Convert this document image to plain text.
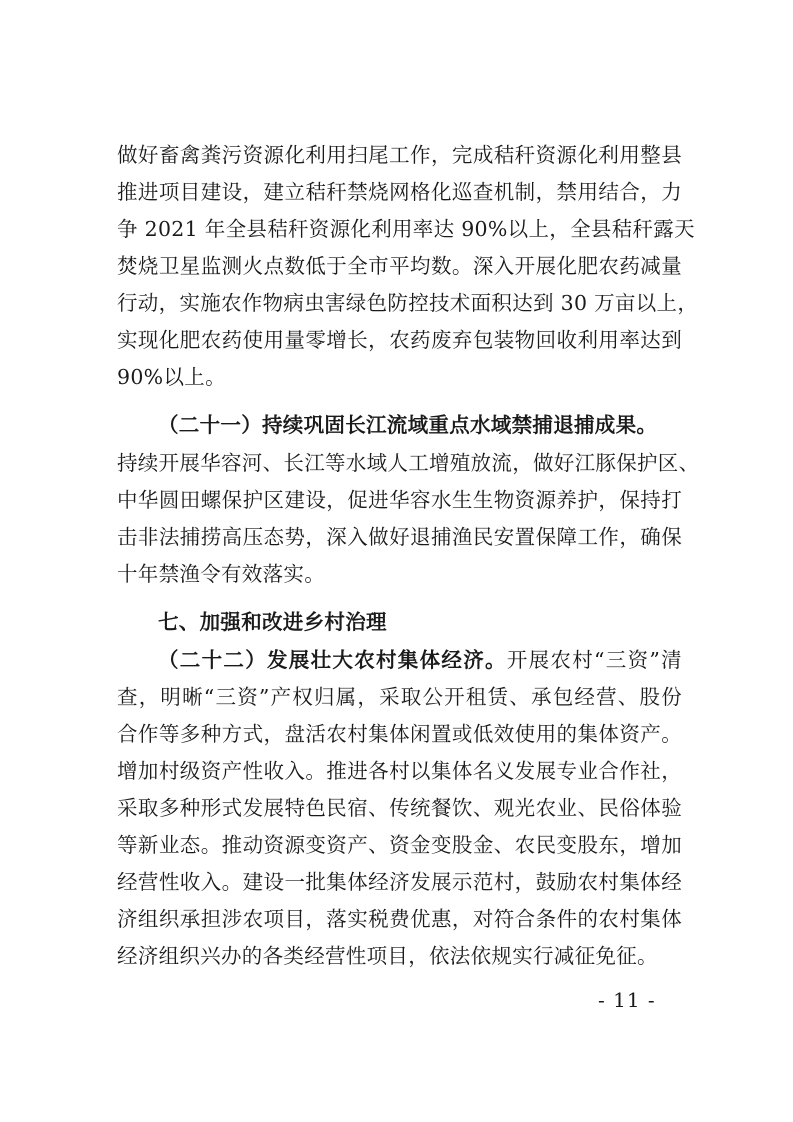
做好畜禽粪污资源化利用扫尾工作，完成秸秆资源化利用整县
推进项目建设，建立秸秆禁烧网格化巡查机制，禁用结合，力
争 2021 年全县秸秆资源化利用率达 90%以上，全县秸秆露天
焚烧卫星监测火点数低于全市平均数。深入开展化肥农药减量
行动，实施农作物病虫害绿色防控技术面积达到 30 万亩以上，
实现化肥农药使用量零增长，农药废弃包装物回收利用率达到
90%以上。
（二十一）持续巩固长江流域重点水域禁捕退捕成果。
持续开展华容河、长江等水域人工增殖放流，做好江豚保护区、
中华圆田螺保护区建设，促进华容水生生物资源养护，保持打
击非法捕捞高压态势，深入做好退捕渔民安置保障工作，确保
十年禁渔令有效落实。
七、加强和改进乡村治理
（二十二）发展壮大农村集体经济。开展农村“三资”清
查，明晰“三资”产权归属，采取公开租赁、承包经营、股份
合作等多种方式，盘活农村集体闲置或低效使用的集体资产。
增加村级资产性收入。推进各村以集体名义发展专业合作社，
采取多种形式发展特色民宿、传统餐饮、观光农业、民俗体验
等新业态。推动资源变资产、资金变股金、农民变股东，增加
经营性收入。建设一批集体经济发展示范村，鼓励农村集体经
济组织承担涉农项目，落实税费优惠，对符合条件的农村集体
经济组织兴办的各类经营性项目，依法依规实行减征免征。
- 11 -
